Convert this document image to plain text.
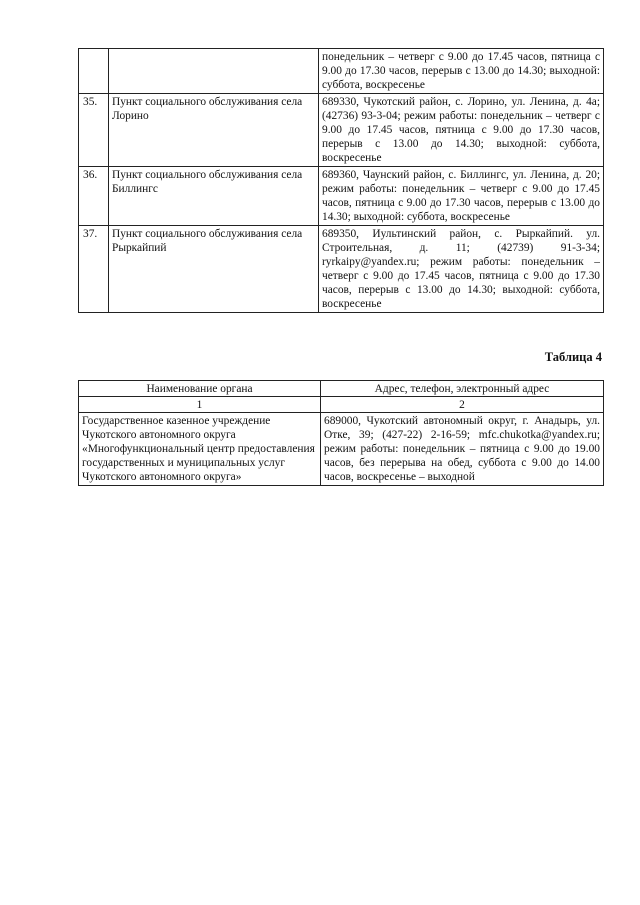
		понедельник – четверг с 9.00 до 17.45 часов, пятница с 9.00 до 17.30 часов, перерыв с 13.00 до 14.30; выходной: суббота, воскресенье
35.	Пункт социального обслуживания села Лорино	689330, Чукотский район, с. Лорино, ул. Ленина, д. 4а; (42736) 93-3-04; режим работы: понедельник – четверг с 9.00 до 17.45 часов, пятница с 9.00 до 17.30 часов, перерыв с 13.00 до 14.30; выходной: суббота, воскресенье
36.	Пункт социального обслуживания села Биллингс	689360, Чаунский район, с. Биллингс, ул. Ленина, д. 20; режим работы: понедельник – четверг с 9.00 до 17.45 часов, пятница с 9.00 до 17.30 часов, перерыв с 13.00 до 14.30; выходной: суббота, воскресенье
37.	Пункт социального обслуживания села Рыркайпий	689350, Иультинский район, с. Рыркайпий. ул. Строительная, д. 11; (42739) 91-3-34; ryrkaipy@yandex.ru; режим работы: понедельник – четверг с 9.00 до 17.45 часов, пятница с 9.00 до 17.30 часов, перерыв с 13.00 до 14.30; выходной: суббота, воскресенье
Таблица 4
Наименование органа	Адрес, телефон, электронный адрес
1	2
Государственное казенное учреждение Чукотского автономного округа «Многофункциональный центр предоставления государственных и муниципальных услуг Чукотского автономного округа»	689000, Чукотский автономный округ, г. Анадырь, ул. Отке, 39; (427-22) 2-16-59; mfc.chukotka@yandex.ru; режим работы: понедельник – пятница с 9.00 до 19.00 часов, без перерыва на обед, суббота с 9.00 до 14.00 часов, воскресенье – выходной
